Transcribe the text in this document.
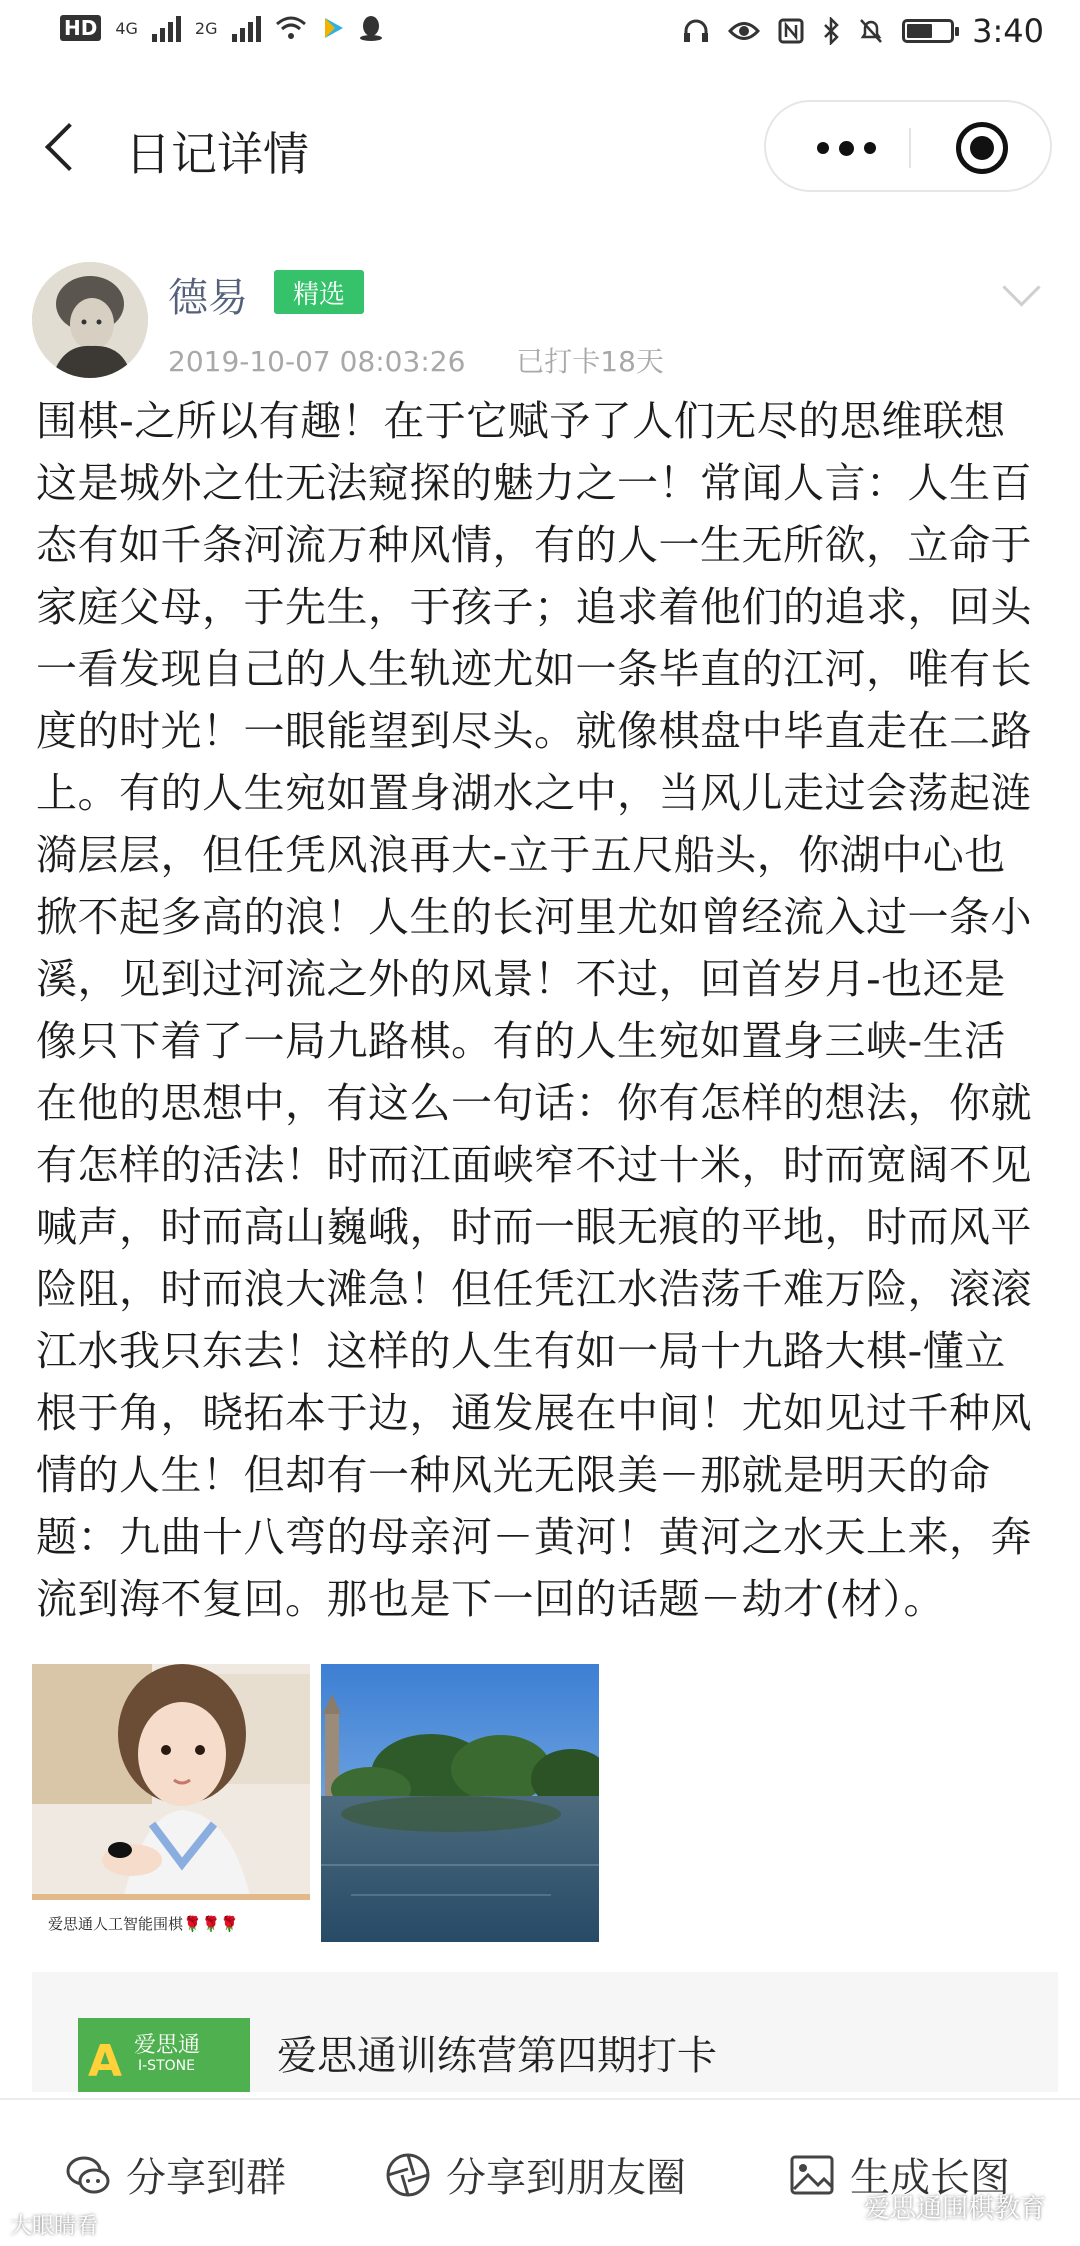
HD 4G	2G	3:40
日记详情
德易	精选
2019-10-07 08:03:26 已打卡18天
围棋-之所以有趣！在于它赋予了人们无尽的思维联想这是城外之仕无法窥探的魅力之一！常闻人言：人生百态有如千条河流万种风情，有的人一生无所欲，立命于家庭父母，于先生，于孩子；追求着他们的追求，回头一看发现自己的人生轨迹尤如一条毕直的江河，唯有长度的时光！一眼能望到尽头。就像棋盘中毕直走在二路上。有的人生宛如置身湖水之中，当风儿走过会荡起涟漪层层，但任凭风浪再大-立于五尺船头，你湖中心也掀不起多高的浪！人生的长河里尤如曾经流入过一条小溪，见到过河流之外的风景！不过，回首岁月-也还是像只下着了一局九路棋。有的人生宛如置身三峡-生活在他的思想中，有这么一句话：你有怎样的想法，你就有怎样的活法！时而江面峡窄不过十米，时而宽阔不见喊声，时而高山巍峨，时而一眼无痕的平地，时而风平险阻，时而浪大滩急！但任凭江水浩荡千难万险，滚滚江水我只东去！这样的人生有如一局十九路大棋-懂立根于角，晓拓本于边，通发展在中间！尤如见过千种风情的人生！但却有一种风光无限美－那就是明天的命题：九曲十八弯的母亲河－黄河！黄河之水天上来，奔流到海不复回。那也是下一回的话题－劫才(材）。
爱思通人工智能围棋🌹🌹🌹
A 爱思通
I-STONE 爱思通训练营第四期打卡
分享到群	分享到朋友圈	生成长图
爱思通围棋教育
大眼睛看
